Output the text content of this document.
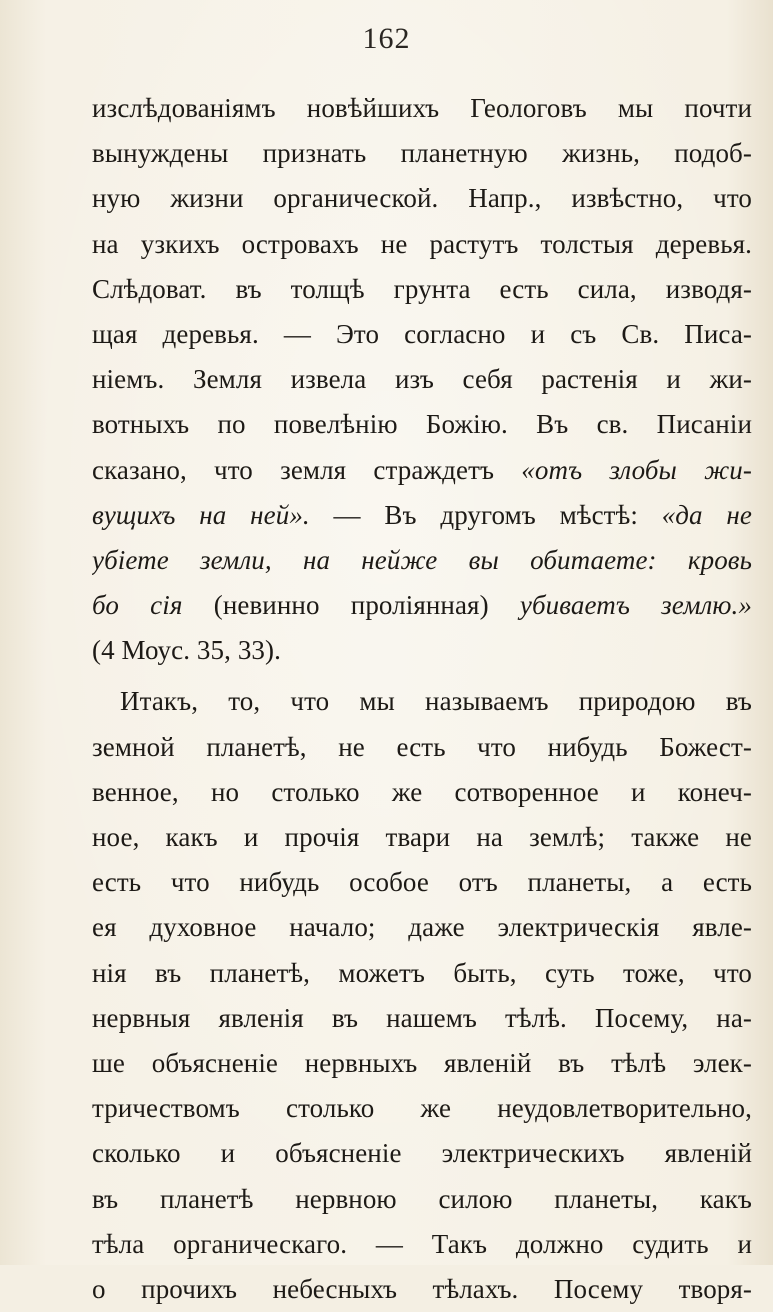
162
изслѣдованіямъ новѣйшихъ Геологовъ мы почти
вынуждены признать планетную жизнь, подоб-
ную жизни органической. Напр., извѣстно, что
на узкихъ островахъ не растутъ толстыя деревья.
Слѣдоват. въ толщѣ грунта есть сила, изводя-
щая деревья. — Это согласно и съ Св. Писа-
ніемъ. Земля извела изъ себя растенія и жи-
вотныхъ по повелѣнію Божію. Въ св. Писаніи
сказано, что земля страждетъ «отъ злобы жи-
вущихъ на ней». — Въ другомъ мѣстѣ: «да не
убіете земли, на нейже вы обитаете: кровь
бо сія (невинно проліянная) убиваетъ землю.»
(4 Моус. 35, 33).
Итакъ, то, что мы называемъ природою въ
земной планетѣ, не есть что нибудь Божест-
венное, но столько же сотворенное и конеч-
ное, какъ и прочія твари на землѣ; также не
есть что нибудь особое отъ планеты, а есть
ея духовное начало; даже электрическія явле-
нія въ планетѣ, можетъ быть, суть тоже, что
нервныя явленія въ нашемъ тѣлѣ. Посему, на-
ше объясненіе нервныхъ явленій въ тѣлѣ элек-
тричествомъ столько же неудовлетворительно,
сколько и объясненіе электрическихъ явленій
въ планетѣ нервною силою планеты, какъ
тѣла органическаго. — Такъ должно судить и
о прочихъ небесныхъ тѣлахъ. Посему творя-
